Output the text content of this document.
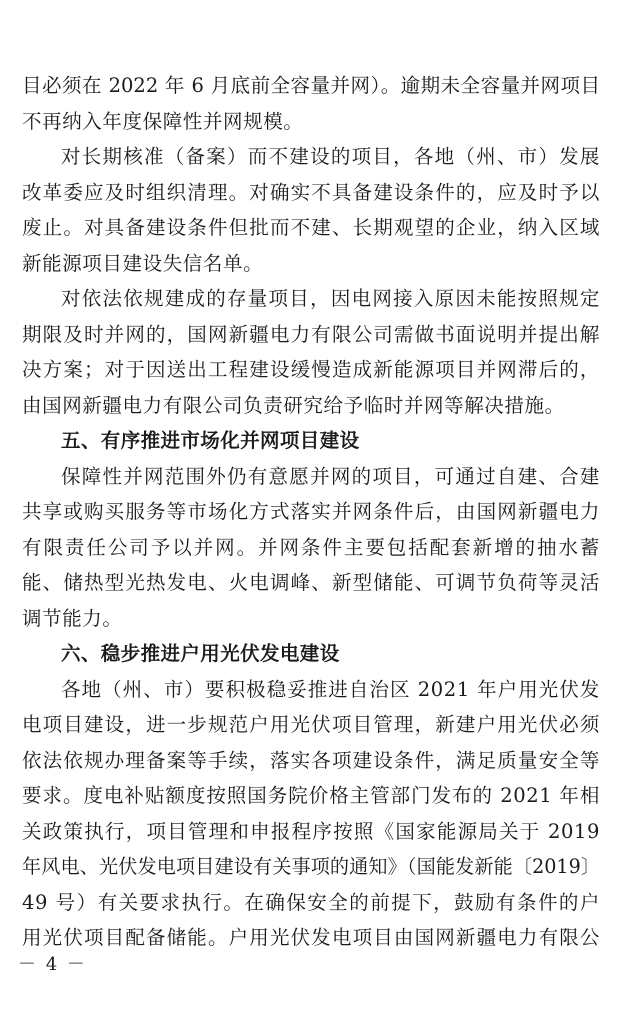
目必须在 2022 年 6 月底前全容量并网）。逾期未全容量并网项目
不再纳入年度保障性并网规模。
对长期核准（备案）而不建设的项目，各地（州、市）发展
改革委应及时组织清理。对确实不具备建设条件的，应及时予以
废止。对具备建设条件但批而不建、长期观望的企业，纳入区域
新能源项目建设失信名单。
对依法依规建成的存量项目，因电网接入原因未能按照规定
期限及时并网的，国网新疆电力有限公司需做书面说明并提出解
决方案；对于因送出工程建设缓慢造成新能源项目并网滞后的，
由国网新疆电力有限公司负责研究给予临时并网等解决措施。
五、有序推进市场化并网项目建设
保障性并网范围外仍有意愿并网的项目，可通过自建、合建
共享或购买服务等市场化方式落实并网条件后，由国网新疆电力
有限责任公司予以并网。并网条件主要包括配套新增的抽水蓄
能、储热型光热发电、火电调峰、新型储能、可调节负荷等灵活
调节能力。
六、稳步推进户用光伏发电建设
各地（州、市）要积极稳妥推进自治区 2021 年户用光伏发
电项目建设，进一步规范户用光伏项目管理，新建户用光伏必须
依法依规办理备案等手续，落实各项建设条件，满足质量安全等
要求。度电补贴额度按照国务院价格主管部门发布的 2021 年相
关政策执行，项目管理和申报程序按照《国家能源局关于 2019
年风电、光伏发电项目建设有关事项的通知》（国能发新能〔2019〕
49 号）有关要求执行。在确保安全的前提下，鼓励有条件的户
用光伏项目配备储能。户用光伏发电项目由国网新疆电力有限公
－ 4 －
